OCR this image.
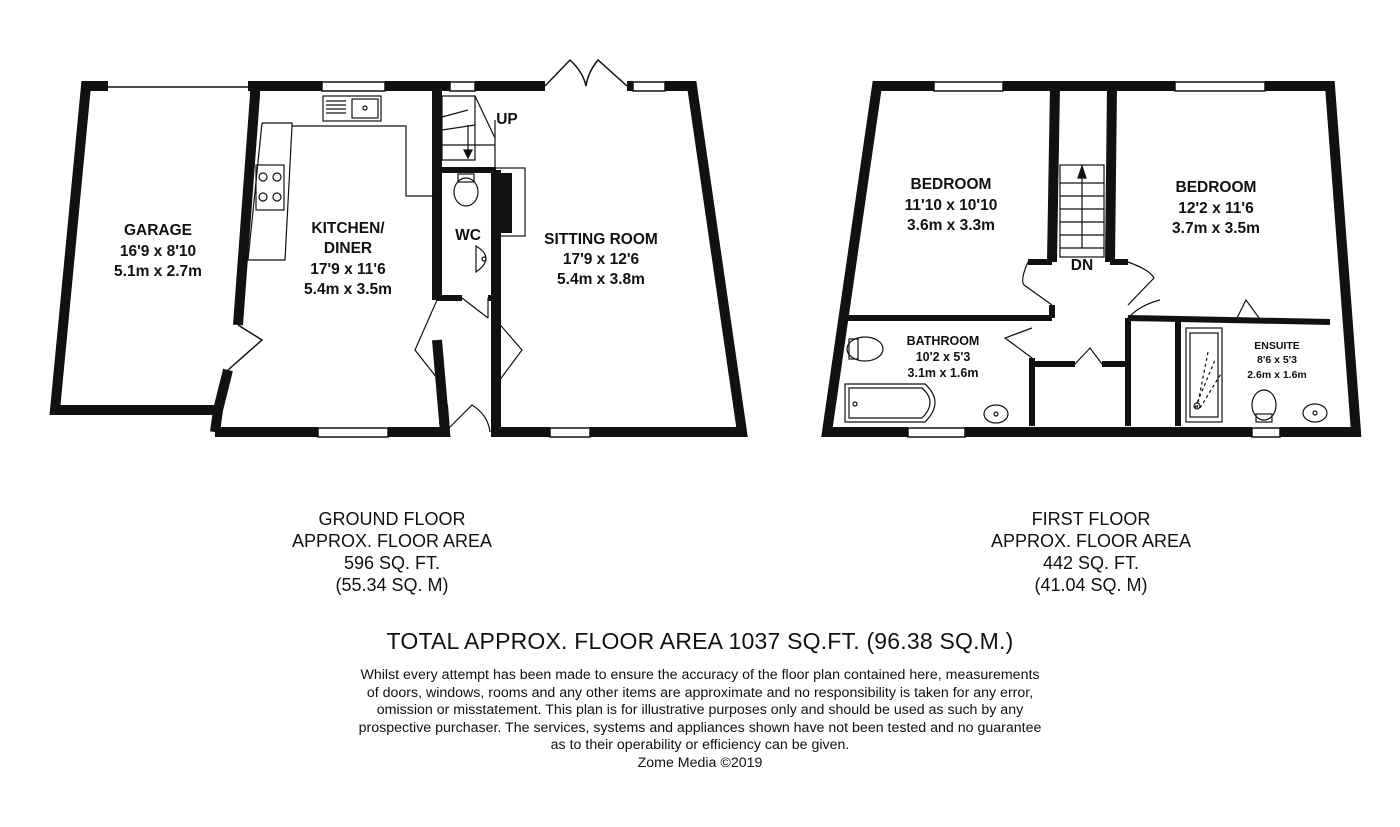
GARAGE
16'9 x 8'10
5.1m x 2.7m
KITCHEN/
DINER
17'9 x 11'6
5.4m x 3.5m
WC	SITTING ROOM
17'9 x 12'6
5.4m x 3.8m
UP
BEDROOM
11'10 x 10'10
3.6m x 3.3m
BEDROOM
12'2 x 11'6
3.7m x 3.5m
BATHROOM
10'2 x 5'3
3.1m x 1.6m
ENSUITE
8'6 x 5'3
2.6m x 1.6m
DN
GROUND FLOOR
APPROX. FLOOR AREA
596 SQ. FT.
(55.34 SQ. M)
FIRST FLOOR
APPROX. FLOOR AREA
442 SQ. FT.
(41.04 SQ. M)
TOTAL APPROX. FLOOR AREA 1037 SQ.FT. (96.38 SQ.M.)
Whilst every attempt has been made to ensure the accuracy of the floor plan contained here, measurements
of doors, windows, rooms and any other items are approximate and no responsibility is taken for any error,
omission or misstatement. This plan is for illustrative purposes only and should be used as such by any
prospective purchaser. The services, systems and appliances shown have not been tested and no guarantee
as to their operability or efficiency can be given.
Zome Media ©2019
